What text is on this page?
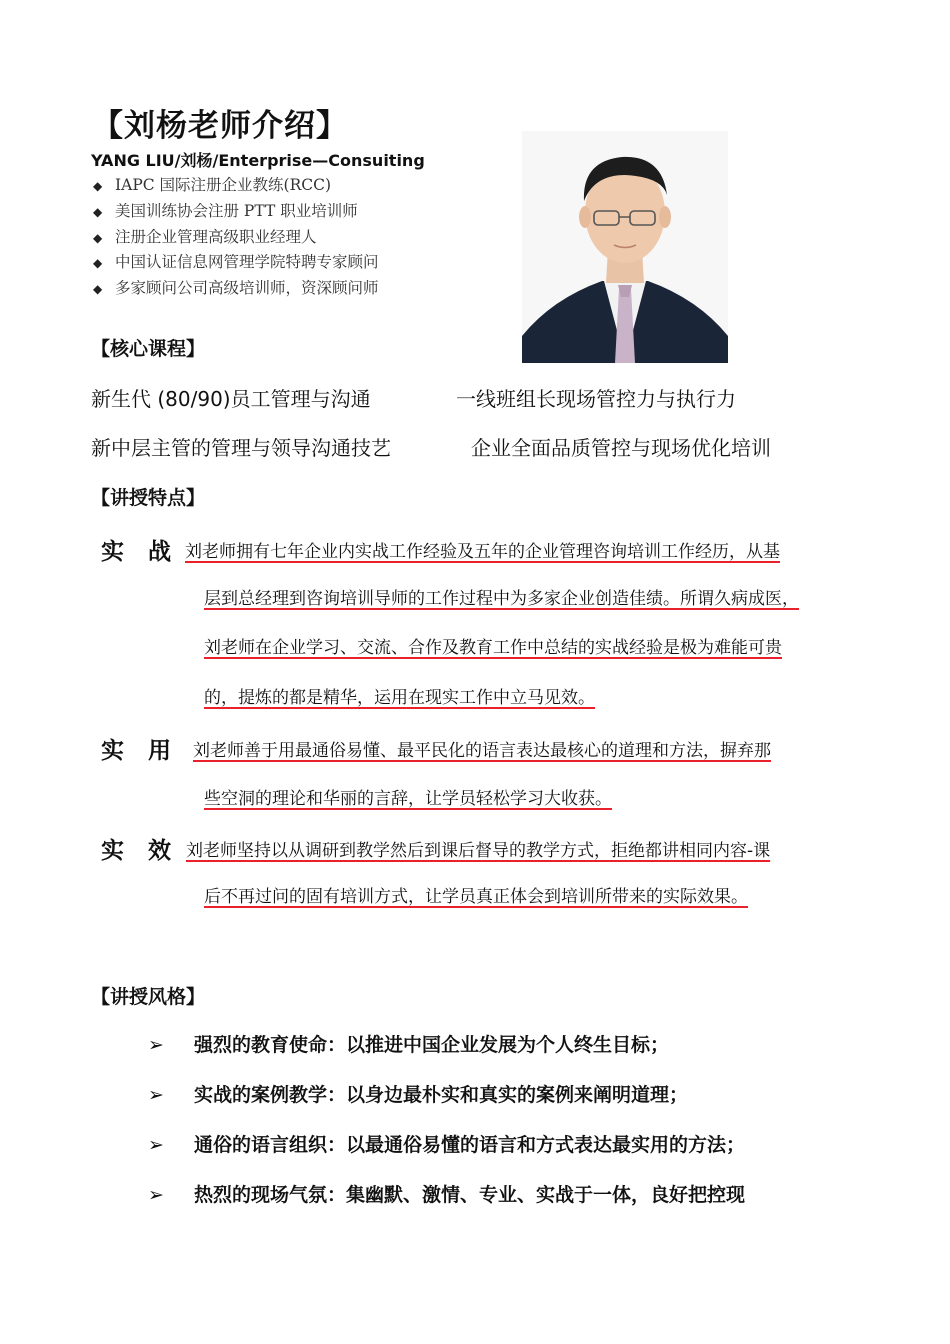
【刘杨老师介绍】
YANG LIU/刘杨/Enterprise—Consuiting
◆ IAPC 国际注册企业教练(RCC)
◆ 美国训练协会注册 PTT 职业培训师
◆ 注册企业管理高级职业经理人
◆ 中国认证信息网管理学院特聘专家顾问
◆ 多家顾问公司高级培训师，资深顾问师
【核心课程】
新生代 (80/90)员工管理与沟通	一线班组长现场管控力与执行力
新中层主管的管理与领导沟通技艺	企业全面品质管控与现场优化培训
【讲授特点】
实 战 刘老师拥有七年企业内实战工作经验及五年的企业管理咨询培训工作经历，从基
层到总经理到咨询培训导师的工作过程中为多家企业创造佳绩。所谓久病成医，
刘老师在企业学习、交流、合作及教育工作中总结的实战经验是极为难能可贵
的，提炼的都是精华，运用在现实工作中立马见效。
实 用 刘老师善于用最通俗易懂、最平民化的语言表达最核心的道理和方法，摒弃那
些空洞的理论和华丽的言辞，让学员轻松学习大收获。
实 效 刘老师坚持以从调研到教学然后到课后督导的教学方式，拒绝都讲相同内容-课
后不再过问的固有培训方式，让学员真正体会到培训所带来的实际效果。
【讲授风格】
➢ 强烈的教育使命：以推进中国企业发展为个人终生目标；
➢ 实战的案例教学：以身边最朴实和真实的案例来阐明道理；
➢ 通俗的语言组织：以最通俗易懂的语言和方式表达最实用的方法；
➢ 热烈的现场气氛：集幽默、激情、专业、实战于一体，良好把控现
